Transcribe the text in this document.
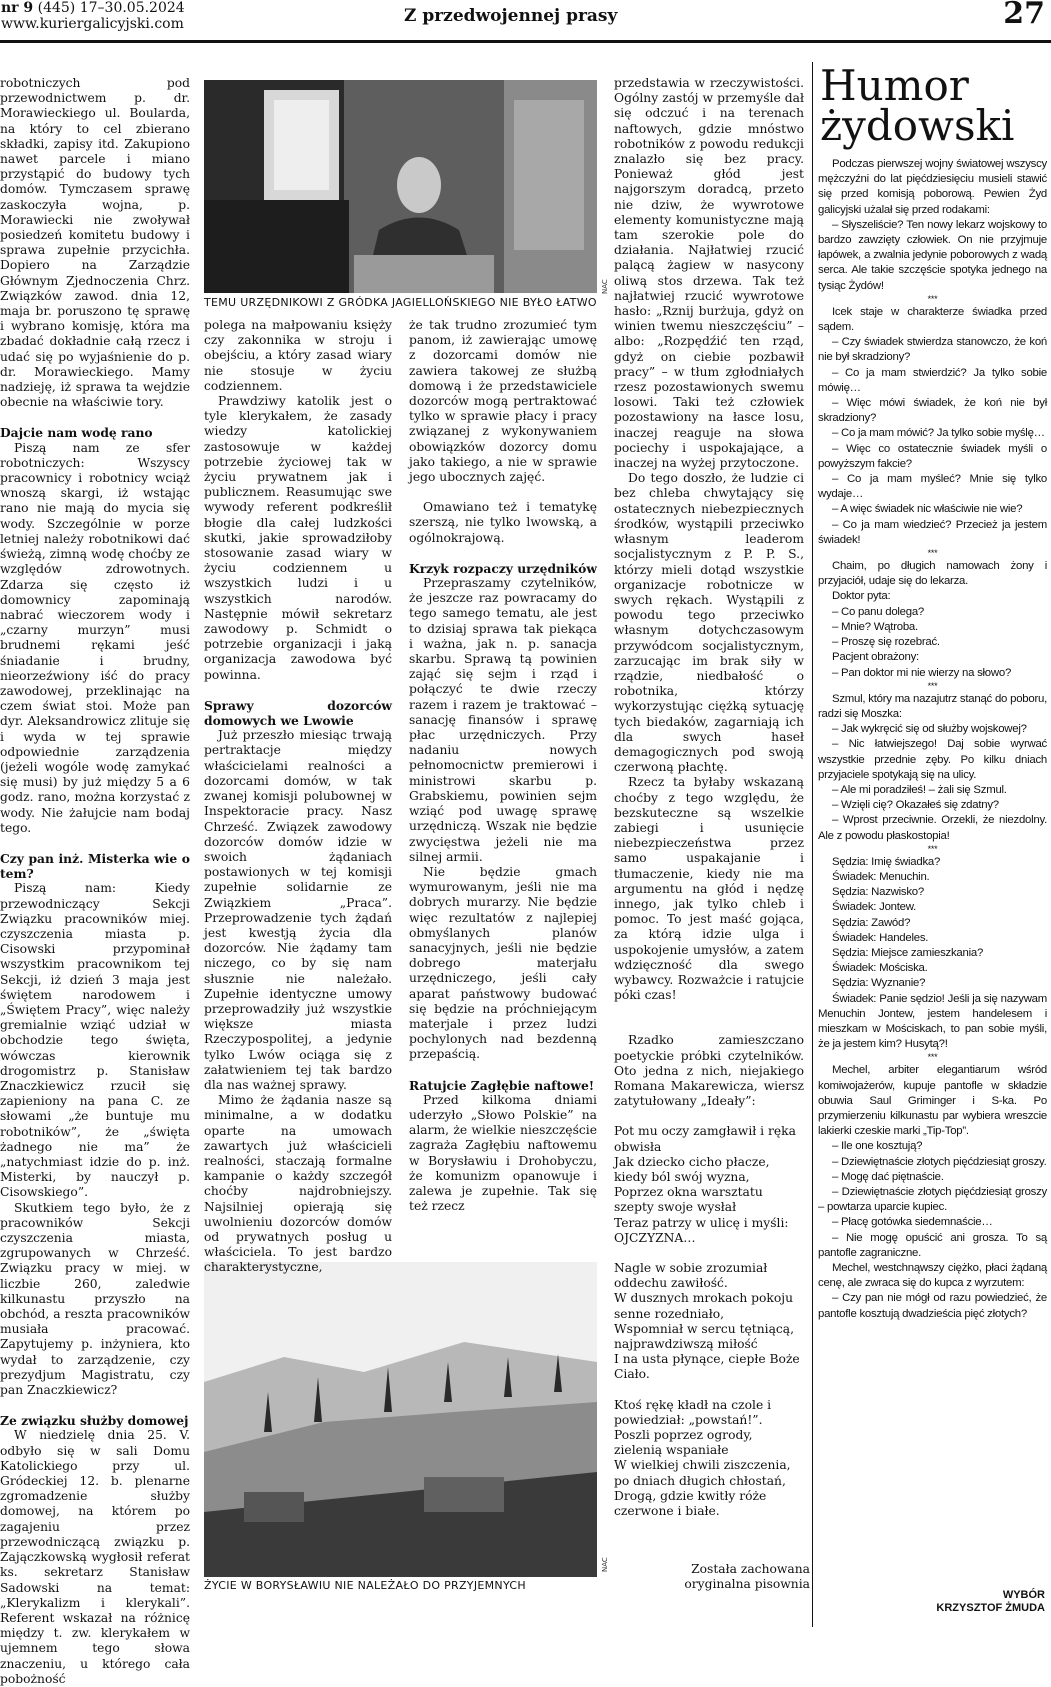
nr 9 (445) 17–30.05.2024
www.kuriergalicyjski.com	Z przedwojennej prasy	27
TEMU URZĘDNIKOWI Z GRÓDKA JAGIELLOŃSKIEGO NIE BYŁO ŁATWO
NAC
ŻYCIE W BORYSŁAWIU NIE NALEŻAŁO DO PRZYJEMNYCH
NAC

robotniczych pod przewodnictwem p. dr. Morawieckiego ul. Boularda, na który to cel zbierano składki, zapisy itd. Zakupiono nawet parcele i miano przystąpić do budowy tych domów. Tymczasem sprawę zaskoczyła wojna, p. Morawiecki nie zwoływał posiedzeń komitetu budowy i sprawa zupełnie przycichła. Dopiero na Zarządzie Głównym Zjednoczenia Chrz. Związków zawod. dnia 12, maja br. poruszono tę sprawę i wybrano komisję, która ma zbadać dokładnie całą rzecz i udać się po wyjaśnienie do p. dr. Morawieckiego. Mamy nadzieję, iż sprawa ta wejdzie obecnie na właściwie tory.

Dajcie nam wodę rano

Piszą nam ze sfer robotniczych: Wszyscy pracownicy i robotnicy wciąż wnoszą skargi, iż wstając rano nie mają do mycia się wody. Szczególnie w porze letniej należy robotnikowi dać świeżą, zimną wodę choćby ze względów zdrowotnych. Zdarza się często iż domownicy zapominają nabrać wieczorem wody i „czarny murzyn” musi brudnemi rękami jeść śniadanie i brudny, nieorzeźwiony iść do pracy zawodowej, przeklinając na czem świat stoi. Może pan dyr. Aleksandrowicz zlituje się i wyda w tej sprawie odpowiednie zarządzenia (jeżeli wogóle wodę zamykać się musi) by już między 5 a 6 godz. rano, można korzystać z wody. Nie żałujcie nam bodaj tego.

Czy pan inż. Misterka wie o tem?

Piszą nam: Kiedy przewodniczący Sekcji Związku pracowników miej. czyszczenia miasta p. Cisowski przypominał wszystkim pracownikom tej Sekcji, iż dzień 3 maja jest świętem narodowem i „Świętem Pracy”, więc należy gremialnie wziąć udział w obchodzie tego święta, wówczas kierownik drogomistrz p. Stanisław Znaczkiewicz rzucił się zapieniony na pana C. ze słowami „że buntuje mu robotników”, że „święta żadnego nie ma” że „natychmiast idzie do p. inż. Misterki, by nauczył p. Cisowskiego”.

Skutkiem tego było, że z pracowników Sekcji czyszczenia miasta, zgrupowanych w Chrześć. Związku pracy w miej. w liczbie 260, zaledwie kilkunastu przyszło na obchód, a reszta pracowników musiała pracować. Zapytujemy p. inżyniera, kto wydał to zarządzenie, czy prezydjum Magistratu, czy pan Znaczkiewicz?

Ze związku służby domowej

W niedzielę dnia 25. V. odbyło się w sali Domu Katolickiego przy ul. Gródeckiej 12. b. plenarne zgromadzenie służby domowej, na którem po zagajeniu przez przewodniczącą związku p. Zajączkowską wygłosił referat ks. sekretarz Stanisław Sadowski na temat: „Klerykalizm i klerykali”. Referent wskazał na różnicę między t. zw. klerykałem w ujemnem tego słowa znaczeniu, u którego cała pobożność

polega na małpowaniu księży czy zakonnika w stroju i obejściu, a który zasad wiary nie stosuje w życiu codziennem.

Prawdziwy katolik jest o tyle klerykałem, że zasady wiedzy katolickiej zastosowuje w każdej potrzebie życiowej tak w życiu prywatnem jak i publicznem. Reasumując swe wywody referent podkreślił błogie dla całej ludzkości skutki, jakie sprowadziłoby stosowanie zasad wiary w życiu codziennem u wszystkich ludzi i u wszystkich narodów. Następnie mówił sekretarz zawodowy p. Schmidt o potrzebie organizacji i jaką organizacja zawodowa być powinna.

Sprawy dozorców domowych we Lwowie

Już przeszło miesiąc trwają pertraktacje między właścicielami realności a dozorcami domów, w tak zwanej komisji polubownej w Inspektoracie pracy. Nasz Chrześć. Związek zawodowy dozorców domów idzie w swoich żądaniach postawionych w tej komisji zupełnie solidarnie ze Związkiem „Praca”. Przeprowadzenie tych żądań jest kwestją życia dla dozorców. Nie żądamy tam niczego, co by się nam słusznie nie należało. Zupełnie identyczne umowy przeprowadziły już wszystkie większe miasta Rzeczypospolitej, a jedynie tylko Lwów ociąga się z załatwieniem tej tak bardzo dla nas ważnej sprawy.

Mimo że żądania nasze są minimalne, a w dodatku oparte na umowach zawartych już właścicieli realności, staczają formalne kampanie o każdy szczegół choćby najdrobniejszy. Najsilniej opierają się uwolnieniu dozorców domów od prywatnych posług u właściciela. To jest bardzo charakterystyczne,

że tak trudno zrozumieć tym panom, iż zawierając umowę z dozorcami domów nie zawiera takowej ze służbą domową i że przedstawiciele dozorców mogą pertraktować tylko w sprawie płacy i pracy związanej z wykonywaniem obowiązków dozorcy domu jako takiego, a nie w sprawie jego ubocznych zajęć.

Omawiano też i tematykę szerszą, nie tylko lwowską, a ogólnokrajową.

Krzyk rozpaczy urzędników

Przepraszamy czytelników, że jeszcze raz powracamy do tego samego tematu, ale jest to dzisiaj sprawa tak piekąca i ważna, jak n. p. sanacja skarbu. Sprawą tą powinien zająć się sejm i rząd i połączyć te dwie rzeczy razem i razem je traktować – sanację finansów i sprawę płac urzędniczych. Przy nadaniu nowych pełnomocnictw premierowi i ministrowi skarbu p. Grabskiemu, powinien sejm wziąć pod uwagę sprawę urzędniczą. Wszak nie będzie zwycięstwa jeżeli nie ma silnej armii.

Nie będzie gmach wymurowanym, jeśli nie ma dobrych murarzy. Nie będzie więc rezultatów z najlepiej obmyślanych planów sanacyjnych, jeśli nie będzie dobrego materjału urzędniczego, jeśli cały aparat państwowy budować się będzie na próchniejącym materjale i przez ludzi pochylonych nad bezdenną przepaścią.

Ratujcie Zagłębie naftowe!

Przed kilkoma dniami uderzyło „Słowo Polskie” na alarm, że wielkie nieszczęście zagraża Zagłębiu naftowemu w Borysławiu i Drohobyczu, że komunizm opanowuje i zalewa je zupełnie. Tak się też rzecz

przedstawia w rzeczywistości. Ogólny zastój w przemyśle dał się odczuć i na terenach naftowych, gdzie mnóstwo robotników z powodu redukcji znalazło się bez pracy. Ponieważ głód jest najgorszym doradcą, przeto nie dziw, że wywrotowe elementy komunistyczne mają tam szerokie pole do działania. Najłatwiej rzucić palącą żagiew w nasycony oliwą stos drzewa. Tak też najłatwiej rzucić wywrotowe hasło: „Rznij burżuja, gdyż on winien twemu nieszczęściu” – albo: „Rozpędźić ten rząd, gdyż on ciebie pozbawił pracy” – w tłum zgłodniałych rzesz pozostawionych swemu losowi. Taki też człowiek pozostawiony na łasce losu, inaczej reaguje na słowa pociechy i uspokajające, a inaczej na wyżej przytoczone.

Do tego doszło, że ludzie ci bez chleba chwytający się ostatecznych niebezpiecznych środków, wystąpili przeciwko własnym leaderom socjalistycznym z P. P. S., którzy mieli dotąd wszystkie organizacje robotnicze w swych rękach. Wystąpili z powodu tego przeciwko własnym dotychczasowym przywódcom socjalistycznym, zarzucając im brak siły w rządzie, niedbałość o robotnika, którzy wykorzystując ciężką sytuację tych biedaków, zagarniają ich dla swych haseł demagogicznych pod swoją czerwoną płachtę.

Rzecz ta byłaby wskazaną choćby z tego względu, że bezskuteczne są wszelkie zabiegi i usunięcie niebezpieczeństwa przez samo uspakajanie i tłumaczenie, kiedy nie ma argumentu na głód i nędzę innego, jak tylko chleb i pomoc. To jest maść gojąca, za którą idzie ulga i uspokojenie umysłów, a zatem wdzięczność dla swego wybawcy. Rozważcie i ratujcie póki czas!

Rzadko zamieszczano poetyckie próbki czytelników. Oto jedna z nich, niejakiego Romana Makarewicza, wiersz zatytułowany „Ideały”:

Pot mu oczy zamgławił i ręka obwisła

Jak dziecko cicho płacze, kiedy ból swój wyzna,

Poprzez okna warsztatu szepty swoje wysłał

Teraz patrzy w ulicę i myśli:

OJCZYZNA…

Nagle w sobie zrozumiał oddechu zawiłość.

W dusznych mrokach pokoju senne rozedniało,

Wspomniał w sercu tętniącą, najprawdziwszą miłość

I na usta płynące, ciepłe Boże Ciało.

Ktoś rękę kładł na czole i powiedział: „powstań!”.

Poszli poprzez ogrody, zielenią wspaniałe

W wielkiej chwili ziszczenia, po dniach długich chłostań,

Drogą, gdzie kwitły róże czerwone i białe.

Została zachowana
oryginalna pisownia
Humor
żydowski

Podczas pierwszej wojny światowej wszyscy mężczyźni do lat pięćdziesięciu musieli stawić się przed komisją poborową. Pewien Żyd galicyjski użalał się przed rodakami:

– Słyszeliście? Ten nowy lekarz wojskowy to bardzo zawzięty człowiek. On nie przyjmuje łapówek, a zwalnia jedynie poborowych z wadą serca. Ale takie szczęście spotyka jednego na tysiąc Żydów!

***

Icek staje w charakterze świadka przed sądem.

– Czy świadek stwierdza stanowczo, że koń nie był skradziony?

– Co ja mam stwierdzić? Ja tylko sobie mówię…

– Więc mówi świadek, że koń nie był skradziony?

– Co ja mam mówić? Ja tylko sobie myślę…

– Więc co ostatecznie świadek myśli o powyższym fakcie?

– Co ja mam myśleć? Mnie się tylko wydaje…

– A więc świadek nic właściwie nie wie?

– Co ja mam wiedzieć? Przecież ja jestem świadek!

***

Chaim, po długich namowach żony i przyjaciół, udaje się do lekarza.

Doktor pyta:

– Co panu dolega?

– Mnie? Wątroba.

– Proszę się rozebrać.

Pacjent obrażony:

– Pan doktor mi nie wierzy na słowo?

***

Szmul, który ma nazajutrz stanąć do poboru, radzi się Moszka:

– Jak wykręcić się od służby wojskowej?

– Nic łatwiejszego! Daj sobie wyrwać wszystkie przednie zęby. Po kilku dniach przyjaciele spotykają się na ulicy.

– Ale mi poradziłeś! – żali się Szmul.

– Wzięli cię? Okazałeś się zdatny?

– Wprost przeciwnie. Orzekli, że niezdolny. Ale z powodu płaskostopia!

***

Sędzia: Imię świadka?

Świadek: Menuchin.

Sędzia: Nazwisko?

Świadek: Jontew.

Sędzia: Zawód?

Świadek: Handeles.

Sędzia: Miejsce zamieszkania?

Świadek: Mościska.

Sędzia: Wyznanie?

Świadek: Panie sędzio! Jeśli ja się nazywam Menuchin Jontew, jestem handelesem i mieszkam w Mościskach, to pan sobie myśli, że ja jestem kim? Husytą?!

***

Mechel, arbiter elegantiarum wśród komiwojażerów, kupuje pantofle w składzie obuwia Saul Griminger i S-ka. Po przymierzeniu kilkunastu par wybiera wreszcie lakierki czeskie marki „Tip-Top”.

– Ile one kosztują?

– Dziewiętnaście złotych pięćdziesiąt groszy.

– Mogę dać piętnaście.

– Dziewiętnaście złotych pięćdziesiąt groszy – powtarza uparcie kupiec.

– Płacę gotówka siedemnaście…

– Nie mogę opuścić ani grosza. To są pantofle zagraniczne.

Mechel, westchnąwszy ciężko, płaci żądaną cenę, ale zwraca się do kupca z wyrzutem:

– Czy pan nie mógł od razu powiedzieć, że pantofle kosztują dwadzieścia pięć złotych?

WYBÓR
KRZYSZTOF ŻMUDA
